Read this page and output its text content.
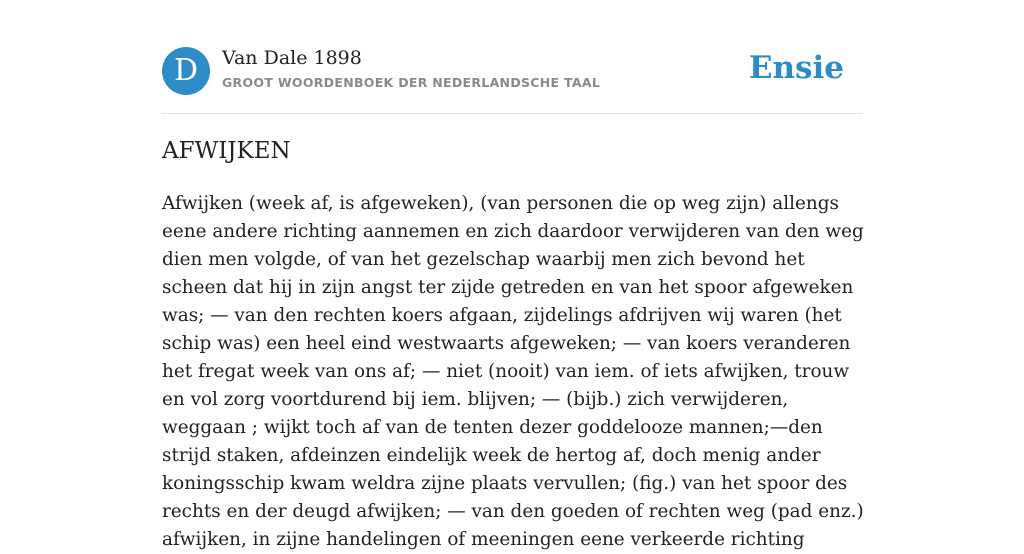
D	Van Dale 1898
GROOT WOORDENBOEK DER NEDERLANDSCHE TAAL	Ensie
AFWIJKEN

Afwijken (week af, is afgeweken), (van personen die op weg zijn) allengs eene andere richting aannemen en zich daardoor verwijderen van den weg dien men volgde, of van het gezelschap waarbij men zich bevond het scheen dat hij in zijn angst ter zijde getreden en van het spoor afgeweken was; — van den rechten koers afgaan, zijdelings afdrijven wij waren (het schip was) een heel eind westwaarts afgeweken; — van koers veranderen het fregat week van ons af; — niet (nooit) van iem. of iets afwijken, trouw en vol zorg voortdurend bij iem. blijven; — (bijb.) zich verwijderen, weggaan ; wijkt toch af van de tenten dezer goddelooze mannen;—den strijd staken, afdeinzen eindelijk week de hertog af, doch menig ander koningsschip kwam weldra zijne plaats vervullen; (fig.) van het spoor des rechts en der deugd afwijken; — van den goeden of rechten weg (pad enz.) afwijken, in zijne handelingen of meeningen eene verkeerde richting
